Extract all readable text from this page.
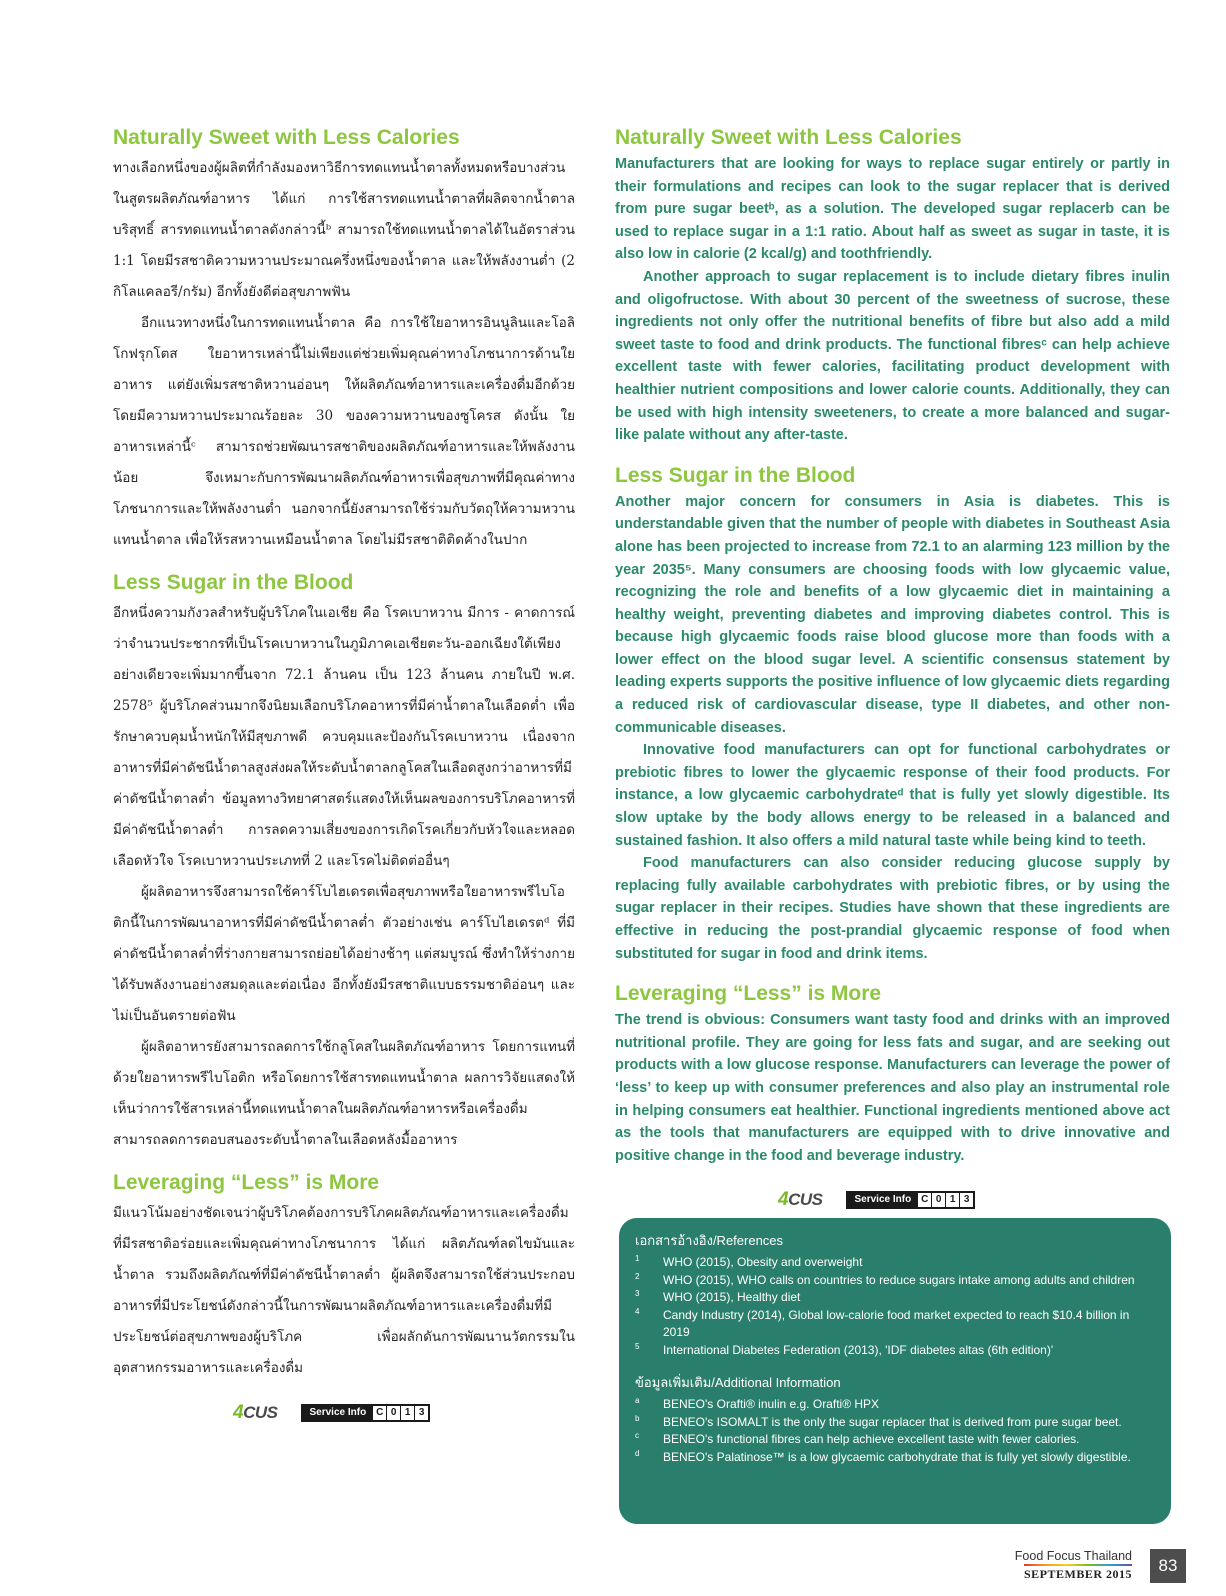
Naturally Sweet with Less Calories

ทางเลือกหนึ่งของผู้ผลิตที่กำลังมองหาวิธีการทดแทนน้ำตาลทั้งหมดหรือบางส่วนในสูตรผลิตภัณฑ์อาหาร ได้แก่ การใช้สารทดแทนน้ำตาลที่ผลิตจากน้ำตาลบริสุทธิ์ สารทดแทนน้ำตาลดังกล่าวนี้ᵇ สามารถใช้ทดแทนน้ำตาลได้ในอัตราส่วน 1:1 โดยมีรสชาติความหวานประมาณครึ่งหนึ่งของน้ำตาล และให้พลังงานต่ำ (2 กิโลแคลอรี/กรัม) อีกทั้งยังดีต่อสุขภาพฟัน

อีกแนวทางหนึ่งในการทดแทนน้ำตาล คือ การใช้ใยอาหารอินนูลินและโอลิโกฟรุกโตส ใยอาหารเหล่านี้ไม่เพียงแต่ช่วยเพิ่มคุณค่าทางโภชนาการด้านใยอาหาร แต่ยังเพิ่มรสชาติหวานอ่อนๆ ให้ผลิตภัณฑ์อาหารและเครื่องดื่มอีกด้วย โดยมีความหวานประมาณร้อยละ 30 ของความหวานของซูโครส ดังนั้น ใยอาหารเหล่านี้ᶜ สามารถช่วยพัฒนารสชาติของผลิตภัณฑ์อาหารและให้พลังงานน้อย จึงเหมาะกับการพัฒนาผลิตภัณฑ์อาหารเพื่อสุขภาพที่มีคุณค่าทางโภชนาการและให้พลังงานต่ำ นอกจากนี้ยังสามารถใช้ร่วมกับวัตถุให้ความหวานแทนน้ำตาล เพื่อให้รสหวานเหมือนน้ำตาล โดยไม่มีรสชาติติดค้างในปาก

Less Sugar in the Blood

อีกหนึ่งความกังวลสำหรับผู้บริโภคในเอเชีย คือ โรคเบาหวาน มีการ - คาดการณ์ว่าจำนวนประชากรที่เป็นโรคเบาหวานในภูมิภาคเอเชียตะวัน-ออกเฉียงใต้เพียงอย่างเดียวจะเพิ่มมากขึ้นจาก 72.1 ล้านคน เป็น 123 ล้านคน ภายในปี พ.ศ. 2578⁵ ผู้บริโภคส่วนมากจึงนิยมเลือกบริโภคอาหารที่มีค่าน้ำตาลในเลือดต่ำ เพื่อรักษาควบคุมน้ำหนักให้มีสุขภาพดี ควบคุมและป้องกันโรคเบาหวาน เนื่องจากอาหารที่มีค่าดัชนีน้ำตาลสูงส่งผลให้ระดับน้ำตาลกลูโคสในเลือดสูงกว่าอาหารที่มีค่าดัชนีน้ำตาลต่ำ ข้อมูลทางวิทยาศาสตร์แสดงให้เห็นผลของการบริโภคอาหารที่มีค่าดัชนีน้ำตาลต่ำ การลดความเสี่ยงของการเกิดโรคเกี่ยวกับหัวใจและหลอดเลือดหัวใจ โรคเบาหวานประเภทที่ 2 และโรคไม่ติดต่ออื่นๆ

ผู้ผลิตอาหารจึงสามารถใช้คาร์โบไฮเดรตเพื่อสุขภาพหรือใยอาหารพรีไบโอติกนี้ในการพัฒนาอาหารที่มีค่าดัชนีน้ำตาลต่ำ ตัวอย่างเช่น คาร์โบไฮเดรตᵈ ที่มีค่าดัชนีน้ำตาลต่ำที่ร่างกายสามารถย่อยได้อย่างช้าๆ แต่สมบูรณ์ ซึ่งทำให้ร่างกายได้รับพลังงานอย่างสมดุลและต่อเนื่อง อีกทั้งยังมีรสชาติแบบธรรมชาติอ่อนๆ และไม่เป็นอันตรายต่อฟัน

ผู้ผลิตอาหารยังสามารถลดการใช้กลูโคสในผลิตภัณฑ์อาหาร โดยการแทนที่ด้วยใยอาหารพรีไบโอติก หรือโดยการใช้สารทดแทนน้ำตาล ผลการวิจัยแสดงให้เห็นว่าการใช้สารเหล่านี้ทดแทนน้ำตาลในผลิตภัณฑ์อาหารหรือเครื่องดื่มสามารถลดการตอบสนองระดับน้ำตาลในเลือดหลังมื้ออาหาร

Leveraging “Less” is More

มีแนวโน้มอย่างชัดเจนว่าผู้บริโภคต้องการบริโภคผลิตภัณฑ์อาหารและเครื่องดื่มที่มีรสชาติอร่อยและเพิ่มคุณค่าทางโภชนาการ ได้แก่ ผลิตภัณฑ์ลดไขมันและน้ำตาล รวมถึงผลิตภัณฑ์ที่มีค่าดัชนีน้ำตาลต่ำ ผู้ผลิตจึงสามารถใช้ส่วนประกอบอาหารที่มีประโยชน์ดังกล่าวนี้ในการพัฒนาผลิตภัณฑ์อาหารและเครื่องดื่มที่มีประโยชน์ต่อสุขภาพของผู้บริโภค เพื่อผลักดันการพัฒนานวัตกรรมในอุตสาหกรรมอาหารและเครื่องดื่ม

4CUS	Service Info C 0 1 3
Naturally Sweet with Less Calories

Manufacturers that are looking for ways to replace sugar entirely or partly in their formulations and recipes can look to the sugar replacer that is derived from pure sugar beetᵇ, as a solution. The developed sugar replacerb can be used to replace sugar in a 1:1 ratio. About half as sweet as sugar in taste, it is also low in calorie (2 kcal/g) and toothfriendly.

Another approach to sugar replacement is to include dietary fibres inulin and oligofructose. With about 30 percent of the sweetness of sucrose, these ingredients not only offer the nutritional benefits of fibre but also add a mild sweet taste to food and drink products. The functional fibresᶜ can help achieve excellent taste with fewer calories, facilitating product development with healthier nutrient compositions and lower calorie counts. Additionally, they can be used with high intensity sweeteners, to create a more balanced and sugar-like palate without any after-taste.

Less Sugar in the Blood

Another major concern for consumers in Asia is diabetes. This is understandable given that the number of people with diabetes in Southeast Asia alone has been projected to increase from 72.1 to an alarming 123 million by the year 2035⁵. Many consumers are choosing foods with low glycaemic value, recognizing the role and benefits of a low glycaemic diet in maintaining a healthy weight, preventing diabetes and improving diabetes control. This is because high glycaemic foods raise blood glucose more than foods with a lower effect on the blood sugar level. A scientific consensus statement by leading experts supports the positive influence of low glycaemic diets regarding a reduced risk of cardiovascular disease, type II diabetes, and other non-communicable diseases.

Innovative food manufacturers can opt for functional carbohydrates or prebiotic fibres to lower the glycaemic response of their food products. For instance, a low glycaemic carbohydrateᵈ that is fully yet slowly digestible. Its slow uptake by the body allows energy to be released in a balanced and sustained fashion. It also offers a mild natural taste while being kind to teeth.

Food manufacturers can also consider reducing glucose supply by replacing fully available carbohydrates with prebiotic fibres, or by using the sugar replacer in their recipes. Studies have shown that these ingredients are effective in reducing the post-prandial glycaemic response of food when substituted for sugar in food and drink items.

Leveraging “Less” is More

The trend is obvious: Consumers want tasty food and drinks with an improved nutritional profile. They are going for less fats and sugar, and are seeking out products with a low glucose response. Manufacturers can leverage the power of ‘less’ to keep up with consumer preferences and also play an instrumental role in helping consumers eat healthier. Functional ingredients mentioned above act as the tools that manufacturers are equipped with to drive innovative and positive change in the food and beverage industry.

4CUS	Service Info C 0 1 3
เอกสารอ้างอิง/References
1 WHO (2015), Obesity and overweight
2 WHO (2015), WHO calls on countries to reduce sugars intake among adults and children
3 WHO (2015), Healthy diet
4 Candy Industry (2014), Global low-calorie food market expected to reach $10.4 billion in 2019
5 International Diabetes Federation (2013), 'IDF diabetes altas (6th edition)'
ข้อมูลเพิ่มเติม/Additional Information
a BENEO's Orafti® inulin e.g. Orafti® HPX
b BENEO's ISOMALT is the only the sugar replacer that is derived from pure sugar beet.
c BENEO's functional fibres can help achieve excellent taste with fewer calories.
d BENEO's Palatinose™ is a low glycaemic carbohydrate that is fully yet slowly digestible.
Food Focus Thailand
SEPTEMBER 2015	83
